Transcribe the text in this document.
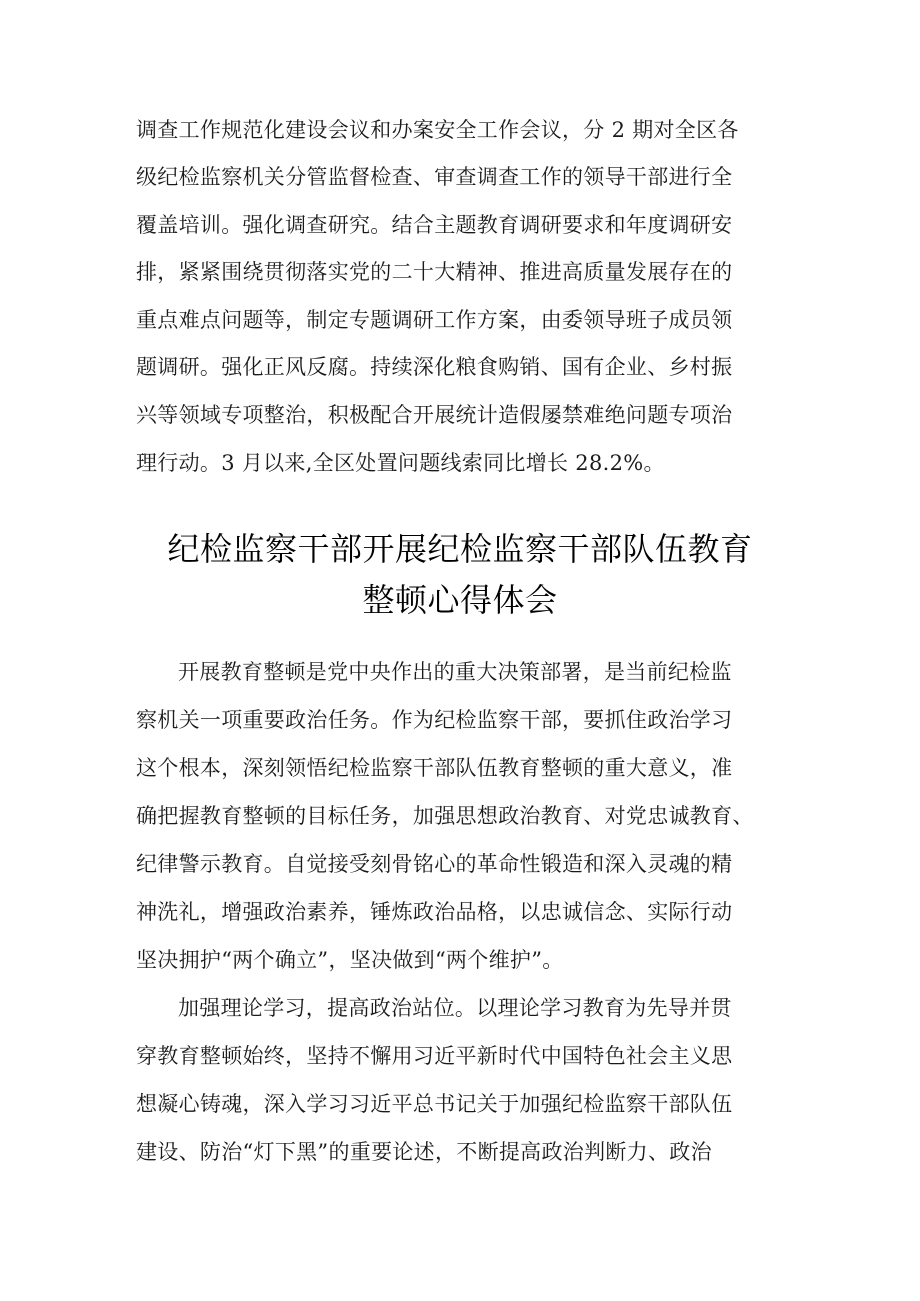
调查工作规范化建设会议和办案安全工作会议，分 2 期对全区各
级纪检监察机关分管监督检查、审查调查工作的领导干部进行全
覆盖培训。强化调查研究。结合主题教育调研要求和年度调研安
排，紧紧围绕贯彻落实党的二十大精神、推进高质量发展存在的
重点难点问题等，制定专题调研工作方案，由委领导班子成员领
题调研。强化正风反腐。持续深化粮食购销、国有企业、乡村振
兴等领域专项整治，积极配合开展统计造假屡禁难绝问题专项治
理行动。3 月以来,全区处置问题线索同比增长 28.2%。
纪检监察干部开展纪检监察干部队伍教育
整顿心得体会
开展教育整顿是党中央作出的重大决策部署，是当前纪检监
察机关一项重要政治任务。作为纪检监察干部，要抓住政治学习
这个根本，深刻领悟纪检监察干部队伍教育整顿的重大意义，准
确把握教育整顿的目标任务，加强思想政治教育、对党忠诚教育、
纪律警示教育。自觉接受刻骨铭心的革命性锻造和深入灵魂的精
神洗礼，增强政治素养，锤炼政治品格，以忠诚信念、实际行动
坚决拥护“两个确立”，坚决做到“两个维护”。
加强理论学习，提高政治站位。以理论学习教育为先导并贯
穿教育整顿始终，坚持不懈用习近平新时代中国特色社会主义思
想凝心铸魂，深入学习习近平总书记关于加强纪检监察干部队伍
建设、防治“灯下黑”的重要论述，不断提高政治判断力、政治
